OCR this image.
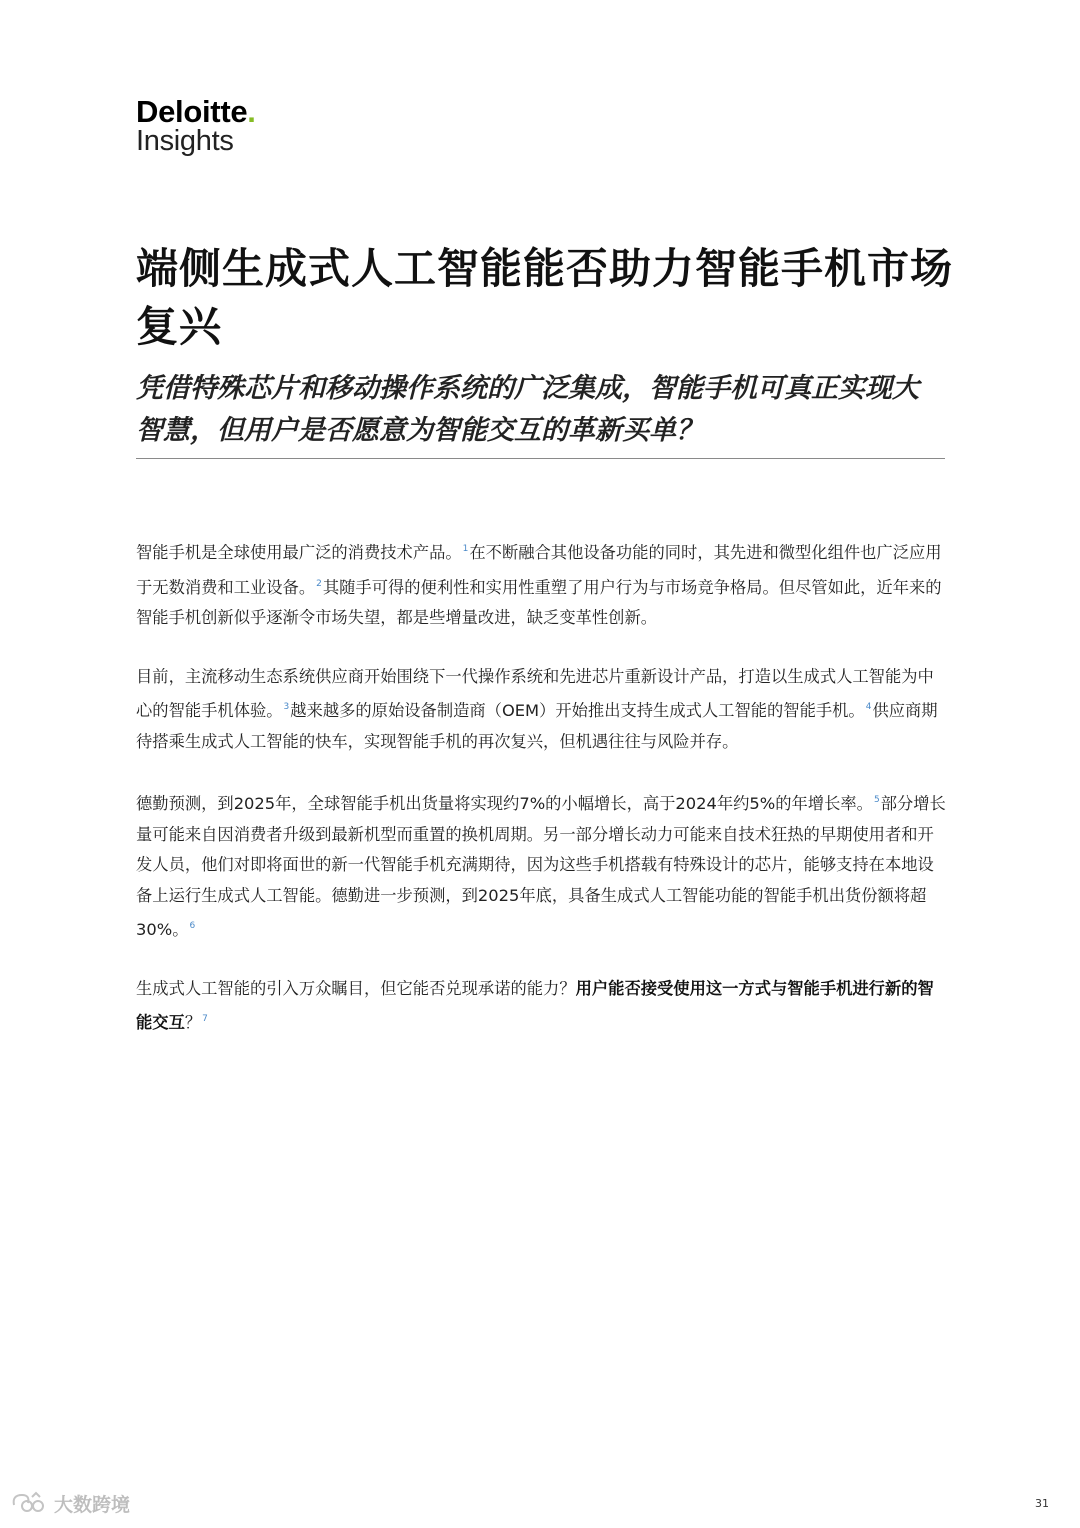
Deloitte.
Insights
端侧生成式人工智能能否助力智能手机市场复兴
凭借特殊芯片和移动操作系统的广泛集成，智能手机可真正实现大智慧，但用户是否愿意为智能交互的革新买单？

智能手机是全球使用最广泛的消费技术产品。$^1$在不断融合其他设备功能的同时，其先进和微型化组件也广泛应用于无数消费和工业设备。$^2$其随手可得的便利性和实用性重塑了用户行为与市场竞争格局。但尽管如此，近年来的智能手机创新似乎逐渐令市场失望，都是些增量改进，缺乏变革性创新。

目前，主流移动生态系统供应商开始围绕下一代操作系统和先进芯片重新设计产品，打造以生成式人工智能为中心的智能手机体验。$^3$越来越多的原始设备制造商（OEM）开始推出支持生成式人工智能的智能手机。$^4$供应商期待搭乘生成式人工智能的快车，实现智能手机的再次复兴，但机遇往往与风险并存。

德勤预测，到2025年，全球智能手机出货量将实现约7%的小幅增长，高于2024年约5%的年增长率。$^5$部分增长量可能来自因消费者升级到最新机型而重置的换机周期。另一部分增长动力可能来自技术狂热的早期使用者和开发人员，他们对即将面世的新一代智能手机充满期待，因为这些手机搭载有特殊设计的芯片，能够支持在本地设备上运行生成式人工智能。德勤进一步预测，到2025年底，具备生成式人工智能功能的智能手机出货份额将超30%。$^6$

生成式人工智能的引入万众瞩目，但它能否兑现承诺的能力？用户能否接受使用这一方式与智能手机进行新的智能交互？$^7$

大数跨境	31
